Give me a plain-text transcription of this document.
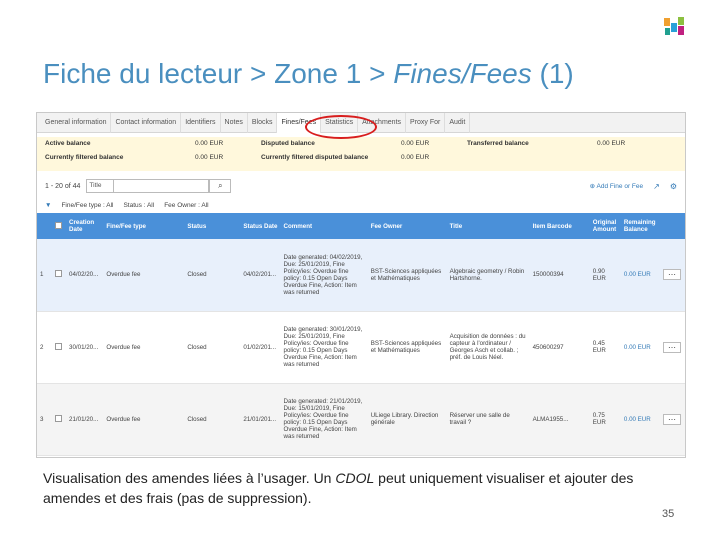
Fiche du lecteur > Zone 1 > Fines/Fees (1)
General information	Contact information	Identifiers	Notes	Blocks	Fines/Fees	Statistics	Attachments	Proxy For	Audit
Active balance	0.00 EUR	Disputed balance	0.00 EUR	Transferred balance	0.00 EUR
Currently filtered balance	0.00 EUR	Currently filtered disputed balance	0.00 EUR
1 - 20 of 44	Title	⌕	⊕ Add Fine or Fee ↗ ⚙
▼ Fine/Fee type : All Status : All Fee Owner : All
		Creation Date	Fine/Fee type	Status	Status Date	Comment	Fee Owner	Title	Item Barcode	Original Amount	Remaining Balance	
1		04/02/20...	Overdue fee	Closed	04/02/201...	Date generated: 04/02/2019, Due: 25/01/2019, Fine Policy/ies: Overdue fine policy: 0.15 Open Days Overdue Fine, Action: Item was returned	BST-Sciences appliquées et Mathématiques	Algebraic geometry / Robin Hartshorne.	150000394	0.90 EUR	0.00 EUR	⋯
2		30/01/20...	Overdue fee	Closed	01/02/201...	Date generated: 30/01/2019, Due: 25/01/2019, Fine Policy/ies: Overdue fine policy: 0.15 Open Days Overdue Fine, Action: Item was returned	BST-Sciences appliquées et Mathématiques	Acquisition de données : du capteur à l'ordinateur / Georges Asch et collab. ; préf. de Louis Néel.	450600297	0.45 EUR	0.00 EUR	⋯
3		21/01/20...	Overdue fee	Closed	21/01/201...	Date generated: 21/01/2019, Due: 15/01/2019, Fine Policy/ies: Overdue fine policy: 0.15 Open Days Overdue Fine, Action: Item was returned	ULiege Library. Direction générale	Réserver une salle de travail ?	ALMA1955...	0.75 EUR	0.00 EUR	⋯
Visualisation des amendes liées à l’usager. Un CDOL peut uniquement visualiser et ajouter des amendes et des frais (pas de suppression).
35
